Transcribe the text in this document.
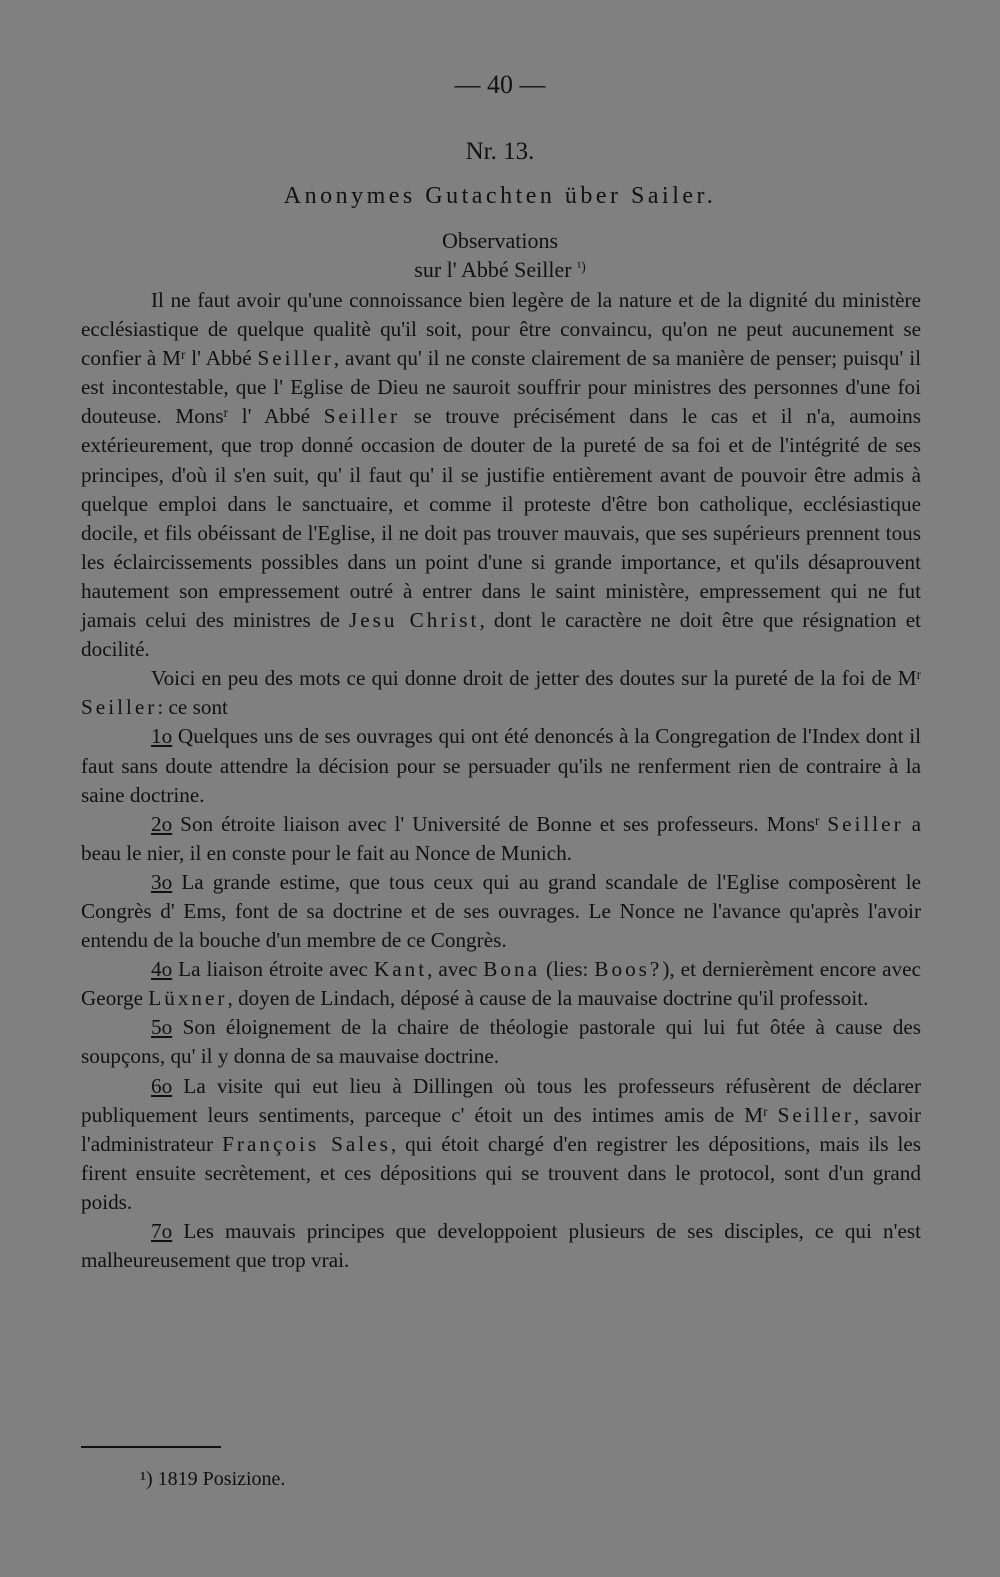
— 40 —
Nr. 13.
Anonymes Gutachten über Sailer.
Observations
sur l' Abbé Seiller $^{^1)}$

Il ne faut avoir qu'une connoissance bien legère de la nature et de la dignité du ministère ecclésiastique de quelque qualitè qu'il soit, pour être convaincu, qu'on ne peut aucunement se confier à $M^r$ l' Abbé Seiller, avant qu' il ne conste clairement de sa manière de penser; puisqu' il est incontestable, que l' Eglise de Dieu ne sauroit souffrir pour ministres des personnes d'une foi douteuse. Mons$^r$ l' Abbé Seiller se trouve précisément dans le cas et il n'a, aumoins extérieurement, que trop donné occasion de douter de la pureté de sa foi et de l'intégrité de ses principes, d'où il s'en suit, qu' il faut qu' il se justifie entièrement avant de pouvoir être admis à quelque emploi dans le sanctuaire, et comme il proteste d'être bon catholique, ecclésiastique docile, et fils obéissant de l'Eglise, il ne doit pas trouver mauvais, que ses supérieurs prennent tous les éclaircissements possibles dans un point d'une si grande importance, et qu'ils désaprouvent hautement son empressement outré à entrer dans le saint ministère, empressement qui ne fut jamais celui des ministres de Jesu Christ, dont le caractère ne doit être que résignation et docilité.

Voici en peu des mots ce qui donne droit de jetter des doutes sur la pureté de la foi de $M^r$ Seiller: ce sont

1o Quelques uns de ses ouvrages qui ont été denoncés à la Congregation de l'Index dont il faut sans doute attendre la décision pour se persuader qu'ils ne renferment rien de contraire à la saine doctrine.

2o Son étroite liaison avec l' Université de Bonne et ses professeurs. Mons$^r$ Seiller a beau le nier, il en conste pour le fait au Nonce de Munich.

3o La grande estime, que tous ceux qui au grand scandale de l'Eglise composèrent le Congrès d' Ems, font de sa doctrine et de ses ouvrages. Le Nonce ne l'avance qu'après l'avoir entendu de la bouche d'un membre de ce Congrès.

4o La liaison étroite avec Kant, avec Bona (lies: Boos?), et dernierèment encore avec George Lüxner, doyen de Lindach, déposé à cause de la mauvaise doctrine qu'il professoit.

5o Son éloignement de la chaire de théologie pastorale qui lui fut ôtée à cause des soupçons, qu' il y donna de sa mauvaise doctrine.

6o La visite qui eut lieu à Dillingen où tous les professeurs réfusèrent de déclarer publiquement leurs sentiments, parceque c' étoit un des intimes amis de $M^r$ Seiller, savoir l'administrateur François Sales, qui étoit chargé d'en registrer les dépositions, mais ils les firent ensuite secrètement, et ces dépositions qui se trouvent dans le protocol, sont d'un grand poids.

7o Les mauvais principes que developpoient plusieurs de ses disciples, ce qui n'est malheureusement que trop vrai.

¹) 1819 Posizione.
